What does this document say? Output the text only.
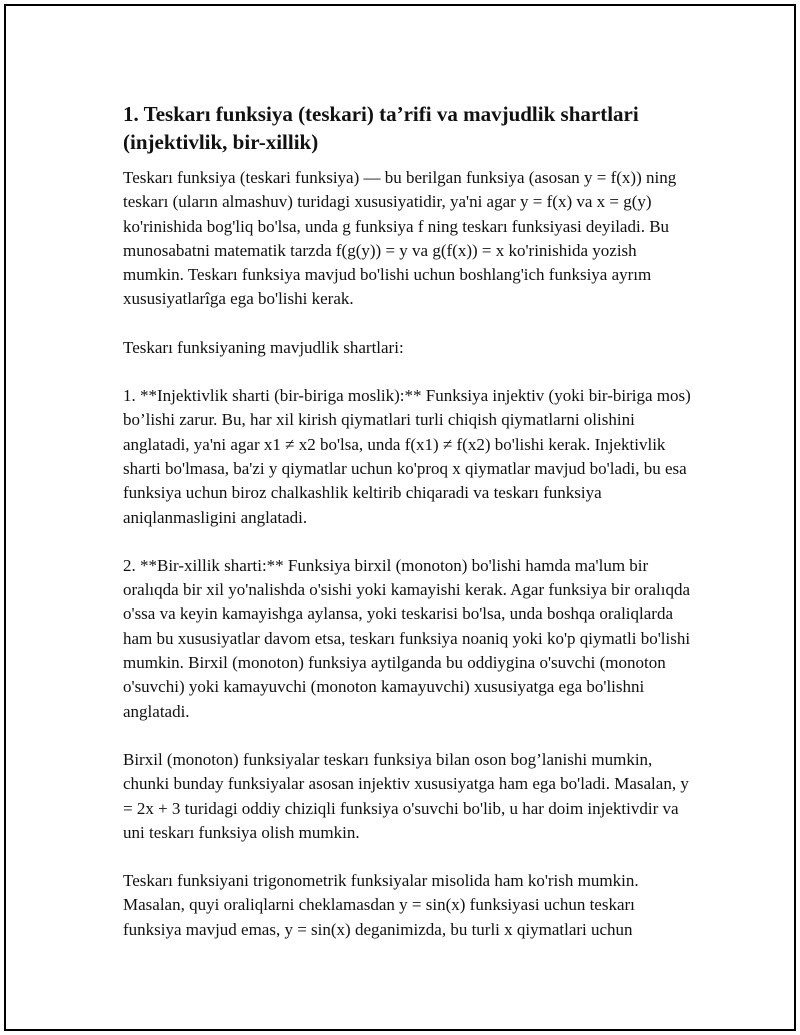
1. Teskarı funksiya (teskari) ta’rifi va mavjudlik shartlari (injektivlik, bir-xillik)

Teskarı funksiya (teskari funksiya) — bu berilgan funksiya (asosan y = f(x)) ning teskarı (uların almashuv) turidagi xususiyatidir, ya'ni agar y = f(x) va x = g(y) ko'rinishida bog'liq bo'lsa, unda g funksiya f ning teskarı funksiyasi deyiladi. Bu munosabatni matematik tarzda f(g(y)) = y va g(f(x)) = x ko'rinishida yozish mumkin. Teskarı funksiya mavjud bo'lishi uchun boshlang'ich funksiya ayrım xususiyatlarîga ega bo'lishi kerak.

Teskarı funksiyaning mavjudlik shartlari:

1. **Injektivlik sharti (bir-biriga moslik):** Funksiya injektiv (yoki bir-biriga mos) bo’lishi zarur. Bu, har xil kirish qiymatlari turli chiqish qiymatlarni olishini anglatadi, ya'ni agar x1 ≠ x2 bo'lsa, unda f(x1) ≠ f(x2) bo'lishi kerak. Injektivlik sharti bo'lmasa, ba'zi y qiymatlar uchun ko'proq x qiymatlar mavjud bo'ladi, bu esa funksiya uchun biroz chalkashlik keltirib chiqaradi va teskarı funksiya aniqlanmasligini anglatadi.

2. **Bir-xillik sharti:** Funksiya birxil (monoton) bo'lishi hamda ma'lum bir oralıqda bir xil yo'nalishda o'sishi yoki kamayishi kerak. Agar funksiya bir oralıqda o'ssa va keyin kamayishga aylansa, yoki teskarisi bo'lsa, unda boshqa oraliqlarda ham bu xususiyatlar davom etsa, teskarı funksiya noaniq yoki ko'p qiymatli bo'lishi mumkin. Birxil (monoton) funksiya aytilganda bu oddiygina o'suvchi (monoton o'suvchi) yoki kamayuvchi (monoton kamayuvchi) xususiyatga ega bo'lishni anglatadi.

Birxil (monoton) funksiyalar teskarı funksiya bilan oson bog’lanishi mumkin, chunki bunday funksiyalar asosan injektiv xususiyatga ham ega bo'ladi. Masalan, y = 2x + 3 turidagi oddiy chiziqli funksiya o'suvchi bo'lib, u har doim injektivdir va uni teskarı funksiya olish mumkin.

Teskarı funksiyani trigonometrik funksiyalar misolida ham ko'rish mumkin. Masalan, quyi oraliqlarni cheklamasdan y = sin(x) funksiyasi uchun teskarı funksiya mavjud emas, y = sin(x) deganimizda, bu turli x qiymatlari uchun
